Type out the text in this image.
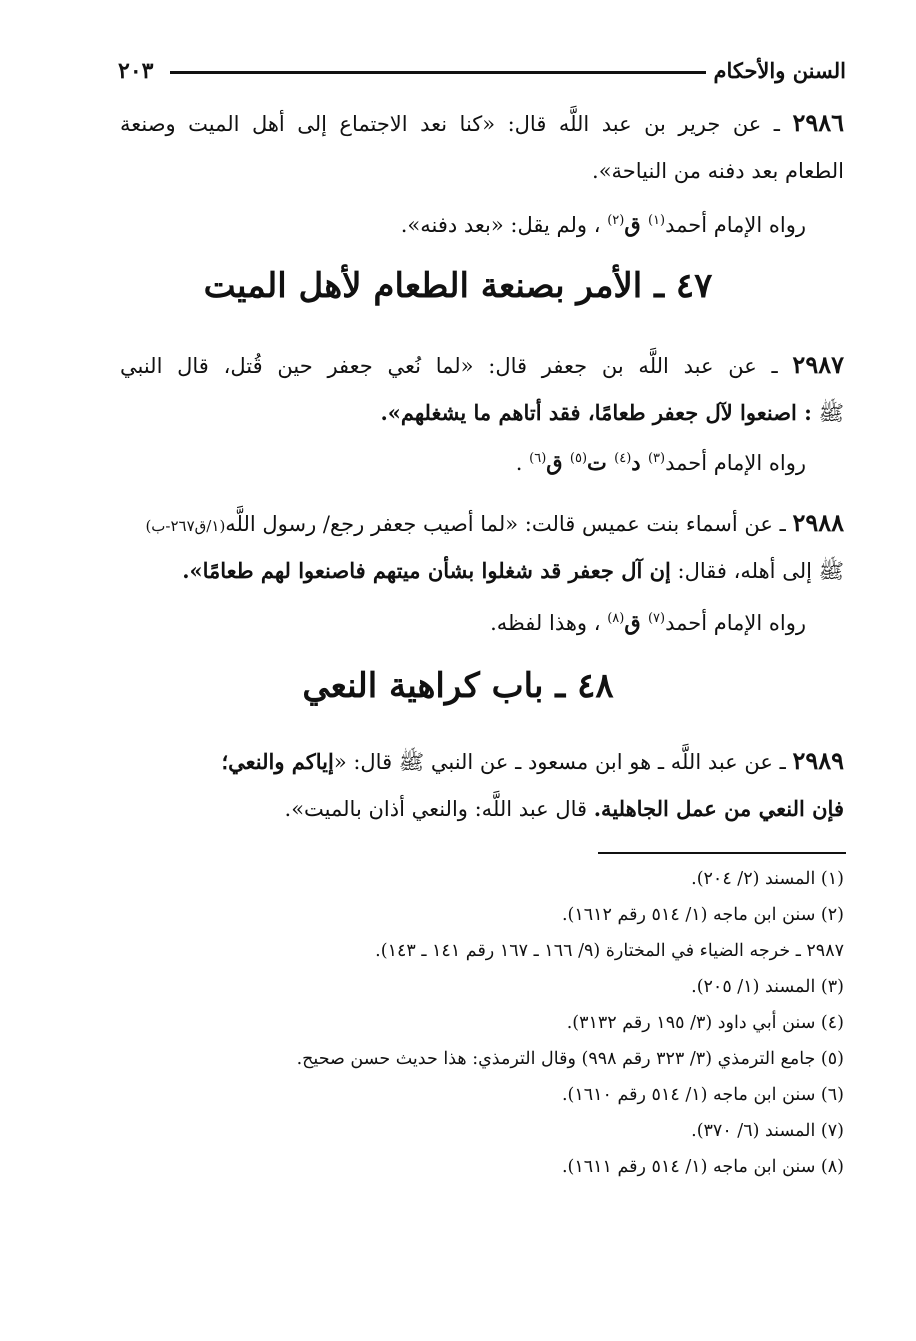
السنن والأحكام
٢٠٣
٢٩٨٦ ـ عن جرير بن عبد اللَّه قال: «كنا نعد الاجتماع إلى أهل الميت وصنعة
الطعام بعد دفنه من النياحة».
رواه الإمام أحمد$^{(١)}$ ق$^{(٢)}$ ، ولم يقل: «بعد دفنه».
٤٧ ـ الأمر بصنعة الطعام لأهل الميت
٢٩٨٧ ـ عن عبد اللَّه بن جعفر قال: «لما نُعي جعفر حين قُتل، قال النبي
ﷺ : اصنعوا لآل جعفر طعامًا، فقد أتاهم ما يشغلهم».
رواه الإمام أحمد$^{(٣)}$ د$^{(٤)}$ ت$^{(٥)}$ ق$^{(٦)}$ .
٢٩٨٨ ـ عن أسماء بنت عميس قالت: «لما أصيب جعفر رجع/ رسول اللَّه(١/ق٢٦٧-ب)
ﷺ إلى أهله، فقال: إن آل جعفر قد شغلوا بشأن ميتهم فاصنعوا لهم طعامًا».
رواه الإمام أحمد$^{(٧)}$ ق$^{(٨)}$ ، وهذا لفظه.
٤٨ ـ باب كراهية النعي
٢٩٨٩ ـ عن عبد اللَّه ـ هو ابن مسعود ـ عن النبي ﷺ قال: «إياكم والنعي؛
فإن النعي من عمل الجاهلية. قال عبد اللَّه: والنعي أذان بالميت».
(١) المسند (٢/ ٢٠٤).
(٢) سنن ابن ماجه (١/ ٥١٤ رقم ١٦١٢).
٢٩٨٧ ـ خرجه الضياء في المختارة (٩/ ١٦٦ ـ ١٦٧ رقم ١٤١ ـ ١٤٣).
(٣) المسند (١/ ٢٠٥).
(٤) سنن أبي داود (٣/ ١٩٥ رقم ٣١٣٢).
(٥) جامع الترمذي (٣/ ٣٢٣ رقم ٩٩٨) وقال الترمذي: هذا حديث حسن صحيح.
(٦) سنن ابن ماجه (١/ ٥١٤ رقم ١٦١٠).
(٧) المسند (٦/ ٣٧٠).
(٨) سنن ابن ماجه (١/ ٥١٤ رقم ١٦١١).
